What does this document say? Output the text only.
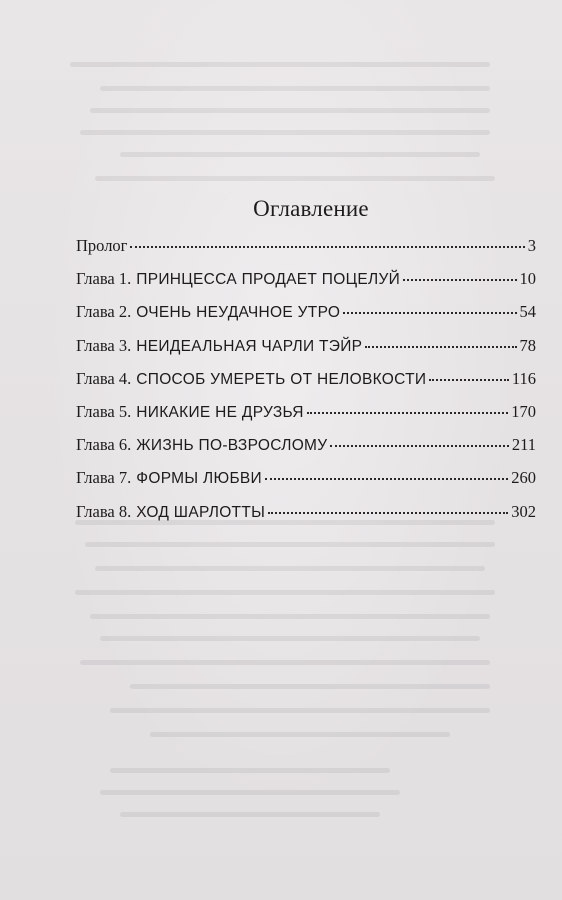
Оглавление
Пролог	3
Глава 1. ПРИНЦЕССА ПРОДАЕТ ПОЦЕЛУЙ	10
Глава 2. ОЧЕНЬ НЕУДАЧНОЕ УТРО	54
Глава 3. НЕИДЕАЛЬНАЯ ЧАРЛИ ТЭЙР	78
Глава 4. СПОСОБ УМЕРЕТЬ ОТ НЕЛОВКОСТИ	116
Глава 5. НИКАКИЕ НЕ ДРУЗЬЯ	170
Глава 6. ЖИЗНЬ ПО-ВЗРОСЛОМУ	211
Глава 7. ФОРМЫ ЛЮБВИ	260
Глава 8. ХОД ШАРЛОТТЫ	302
